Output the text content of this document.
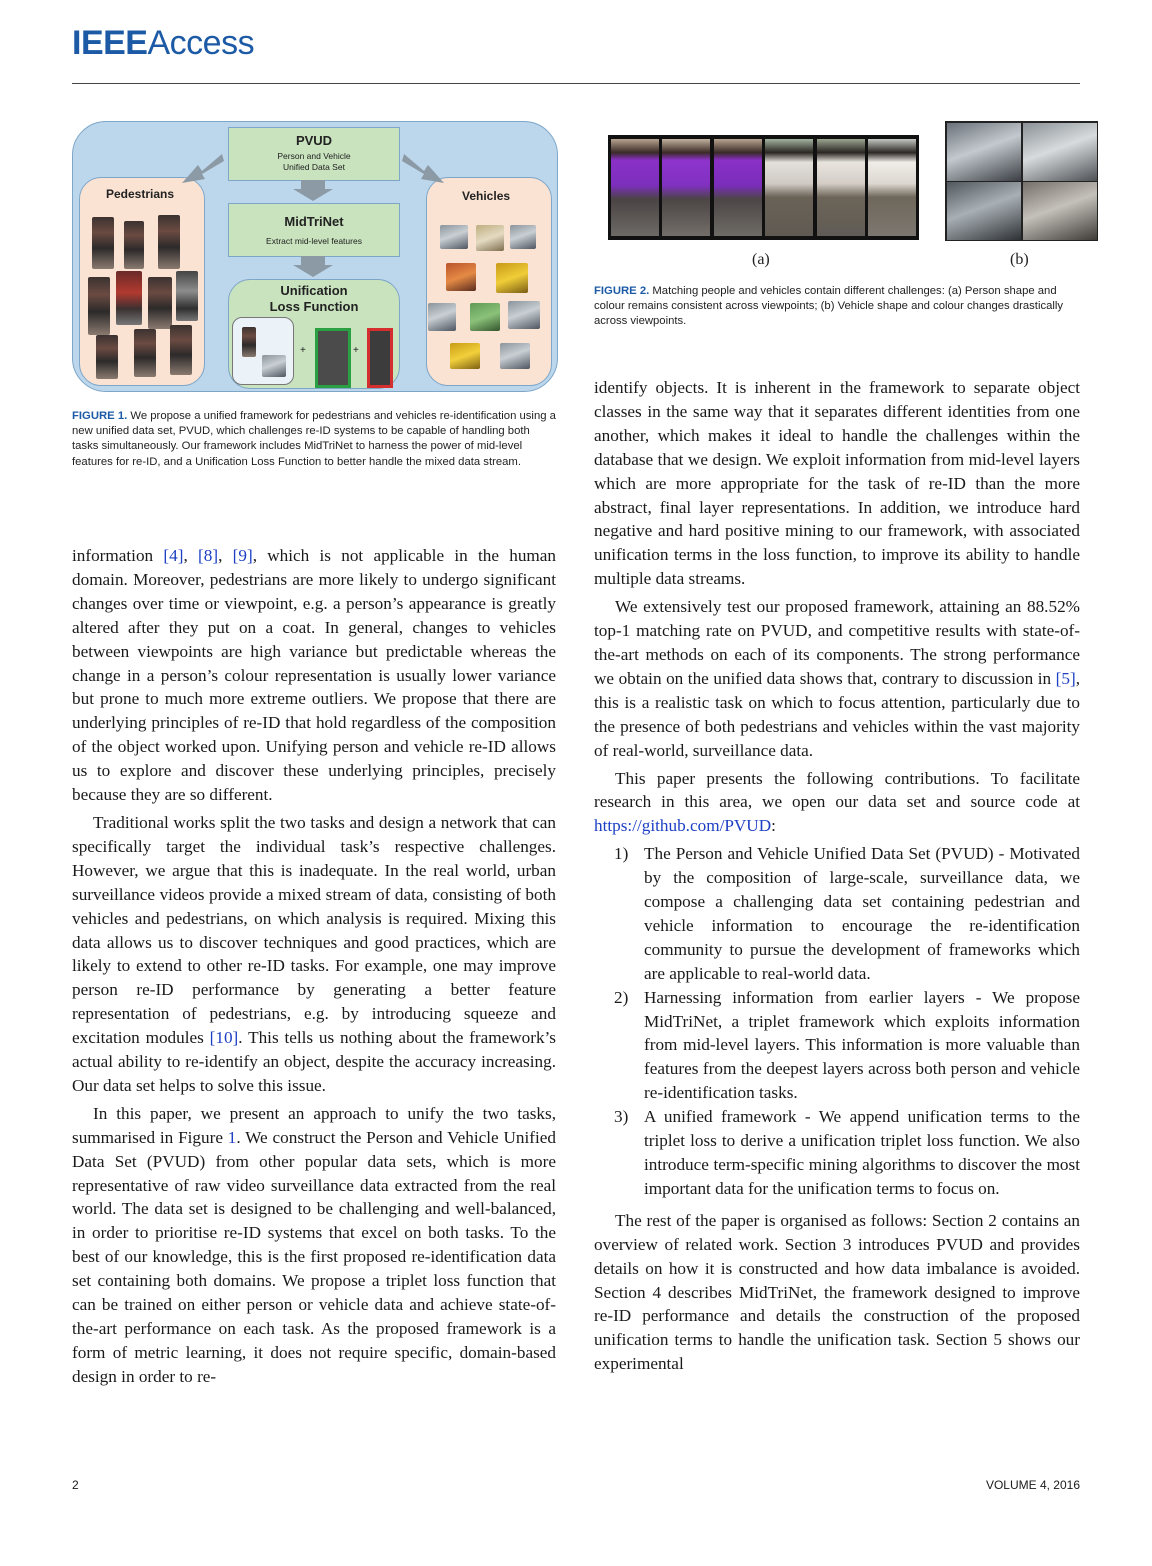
IEEEAccess
Pedestrians	Vehicles
PVUD
Person and Vehicle
Unified Data Set
MidTriNet
Extract mid-level features
Unification
Loss Function
+	+
FIGURE 1. We propose a unified framework for pedestrians and vehicles re-identification using a new unified data set, PVUD, which challenges re-ID systems to be capable of handling both tasks simultaneously. Our framework includes MidTriNet to harness the power of mid-level features for re-ID, and a Unification Loss Function to better handle the mixed data stream.
(a)	(b)
FIGURE 2. Matching people and vehicles contain different challenges: (a) Person shape and colour remains consistent across viewpoints; (b) Vehicle shape and colour changes drastically across viewpoints.

information [4], [8], [9], which is not applicable in the human domain. Moreover, pedestrians are more likely to undergo significant changes over time or viewpoint, e.g. a person’s appearance is greatly altered after they put on a coat. In general, changes to vehicles between viewpoints are high variance but predictable whereas the change in a person’s colour representation is usually lower variance but prone to much more extreme outliers. We propose that there are underlying principles of re-ID that hold regardless of the composition of the object worked upon. Unifying person and vehicle re-ID allows us to explore and discover these underlying principles, precisely because they are so different.

Traditional works split the two tasks and design a network that can specifically target the individual task’s respective challenges. However, we argue that this is inadequate. In the real world, urban surveillance videos provide a mixed stream of data, consisting of both vehicles and pedestrians, on which analysis is required. Mixing this data allows us to discover techniques and good practices, which are likely to extend to other re-ID tasks. For example, one may improve person re-ID performance by generating a better feature representation of pedestrians, e.g. by introducing squeeze and excitation modules [10]. This tells us nothing about the framework’s actual ability to re-identify an object, despite the accuracy increasing. Our data set helps to solve this issue.

In this paper, we present an approach to unify the two tasks, summarised in Figure 1. We construct the Person and Vehicle Unified Data Set (PVUD) from other popular data sets, which is more representative of raw video surveillance data extracted from the real world. The data set is designed to be challenging and well-balanced, in order to prioritise re-ID systems that excel on both tasks. To the best of our knowledge, this is the first proposed re-identification data set containing both domains. We propose a triplet loss function that can be trained on either person or vehicle data and achieve state-of-the-art performance on each task. As the proposed framework is a form of metric learning, it does not require specific, domain-based design in order to re-

identify objects. It is inherent in the framework to separate object classes in the same way that it separates different identities from one another, which makes it ideal to handle the challenges within the database that we design. We exploit information from mid-level layers which are more appropriate for the task of re-ID than the more abstract, final layer representations. In addition, we introduce hard negative and hard positive mining to our framework, with associated unification terms in the loss function, to improve its ability to handle multiple data streams.

We extensively test our proposed framework, attaining an 88.52% top-1 matching rate on PVUD, and competitive results with state-of-the-art methods on each of its components. The strong performance we obtain on the unified data shows that, contrary to discussion in [5], this is a realistic task on which to focus attention, particularly due to the presence of both pedestrians and vehicles within the vast majority of real-world, surveillance data.

This paper presents the following contributions. To facilitate research in this area, we open our data set and source code at https://github.com/PVUD:

1) The Person and Vehicle Unified Data Set (PVUD) - Motivated by the composition of large-scale, surveillance data, we compose a challenging data set containing pedestrian and vehicle information to encourage the re-identification community to pursue the development of frameworks which are applicable to real-world data.
2) Harnessing information from earlier layers - We propose MidTriNet, a triplet framework which exploits information from mid-level layers. This information is more valuable than features from the deepest layers across both person and vehicle re-identification tasks.
3) A unified framework - We append unification terms to the triplet loss to derive a unification triplet loss function. We also introduce term-specific mining algorithms to discover the most important data for the unification terms to focus on.

The rest of the paper is organised as follows: Section 2 contains an overview of related work. Section 3 introduces PVUD and provides details on how it is constructed and how data imbalance is avoided. Section 4 describes MidTriNet, the framework designed to improve re-ID performance and details the construction of the proposed unification terms to handle the unification task. Section 5 shows our experimental

2	VOLUME 4, 2016
